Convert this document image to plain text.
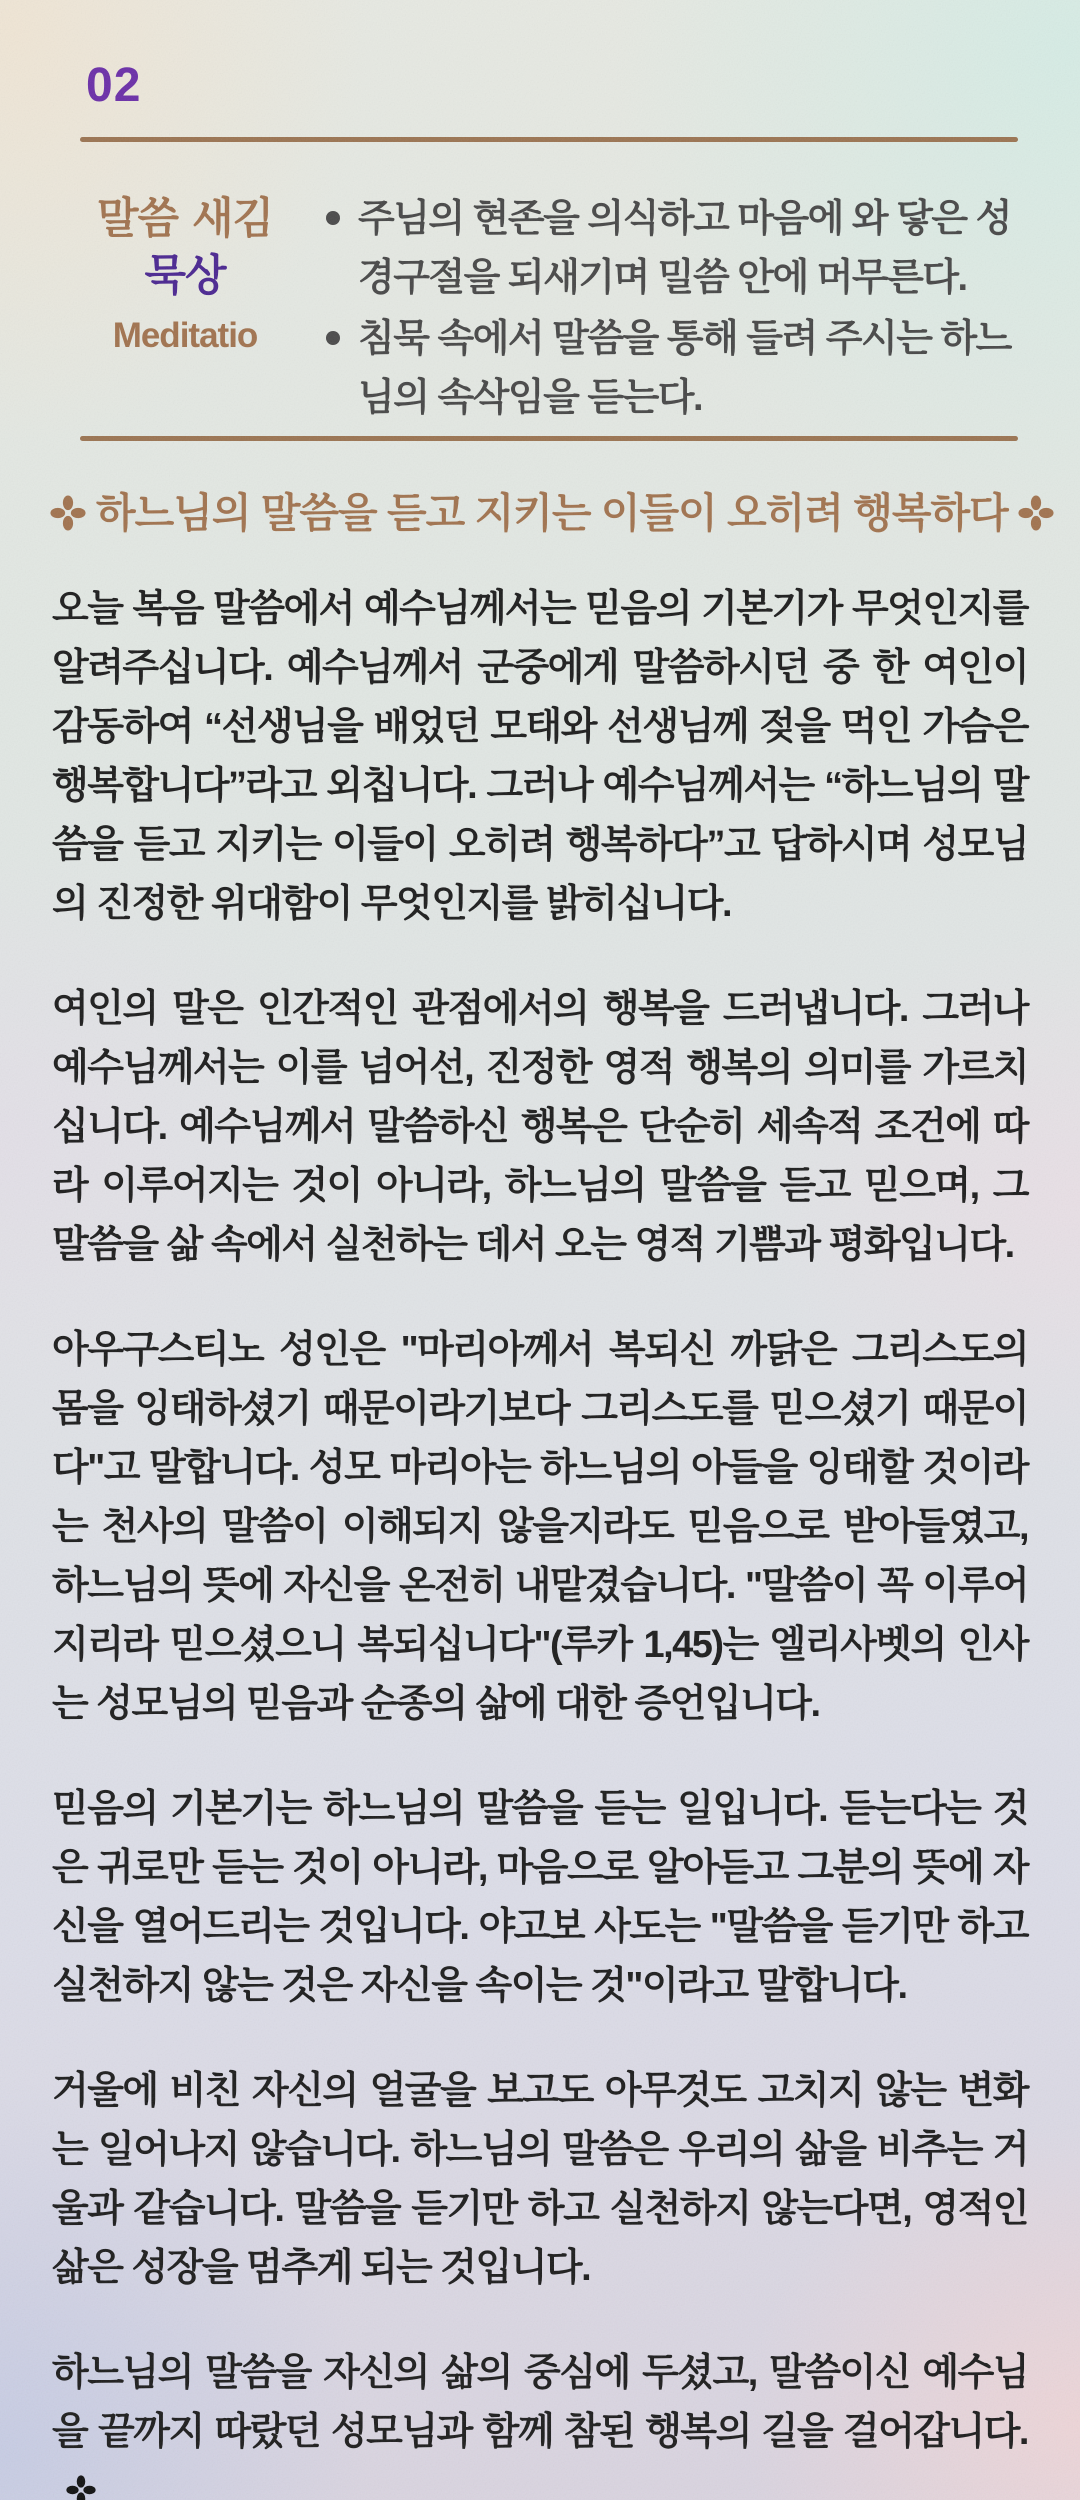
02
말씀 새김
묵상
Meditatio
주님의 현존을 의식하고 마음에 와 닿은 성경구절을 되새기며 밀씀 안에 머무른다.
침묵 속에서 말씀을 통해 들려 주시는 하느님의 속삭임을 듣는다.
하느님의 말씀을 듣고 지키는 이들이 오히려 행복하다

오늘 복음 말씀에서 예수님께서는 믿음의 기본기가 무엇인지를 알려주십니다. 예수님께서 군중에게 말씀하시던 중 한 여인이 감동하여 “선생님을 배었던 모태와 선생님께 젖을 먹인 가슴은 행복합니다”라고 외칩니다. 그러나 예수님께서는 “하느님의 말씀을 듣고 지키는 이들이 오히려 행복하다”고 답하시며 성모님의 진정한 위대함이 무엇인지를 밝히십니다.

여인의 말은 인간적인 관점에서의 행복을 드러냅니다. 그러나 예수님께서는 이를 넘어선, 진정한 영적 행복의 의미를 가르치십니다. 예수님께서 말씀하신 행복은 단순히 세속적 조건에 따라 이루어지는 것이 아니라, 하느님의 말씀을 듣고 믿으며, 그 말씀을 삶 속에서 실천하는 데서 오는 영적 기쁨과 평화입니다.

아우구스티노 성인은 "마리아께서 복되신 까닭은 그리스도의 몸을 잉태하셨기 때문이라기보다 그리스도를 믿으셨기 때문이다"고 말합니다. 성모 마리아는 하느님의 아들을 잉태할 것이라는 천사의 말씀이 이해되지 않을지라도 믿음으로 받아들였고, 하느님의 뜻에 자신을 온전히 내맡겼습니다. "말씀이 꼭 이루어지리라 믿으셨으니 복되십니다"(루카 1,45)는 엘리사벳의 인사는 성모님의 믿음과 순종의 삶에 대한 증언입니다.

믿음의 기본기는 하느님의 말씀을 듣는 일입니다. 듣는다는 것은 귀로만 듣는 것이 아니라, 마음으로 알아듣고 그분의 뜻에 자신을 열어드리는 것입니다. 야고보 사도는 "말씀을 듣기만 하고 실천하지 않는 것은 자신을 속이는 것"이라고 말합니다.

거울에 비친 자신의 얼굴을 보고도 아무것도 고치지 않는 변화는 일어나지 않습니다. 하느님의 말씀은 우리의 삶을 비추는 거울과 같습니다. 말씀을 듣기만 하고 실천하지 않는다면, 영적인 삶은 성장을 멈추게 되는 것입니다.

하느님의 말씀을 자신의 삶의 중심에 두셨고, 말씀이신 예수님을 끝까지 따랐던 성모님과 함께 참된 행복의 길을 걸어갑니다.
